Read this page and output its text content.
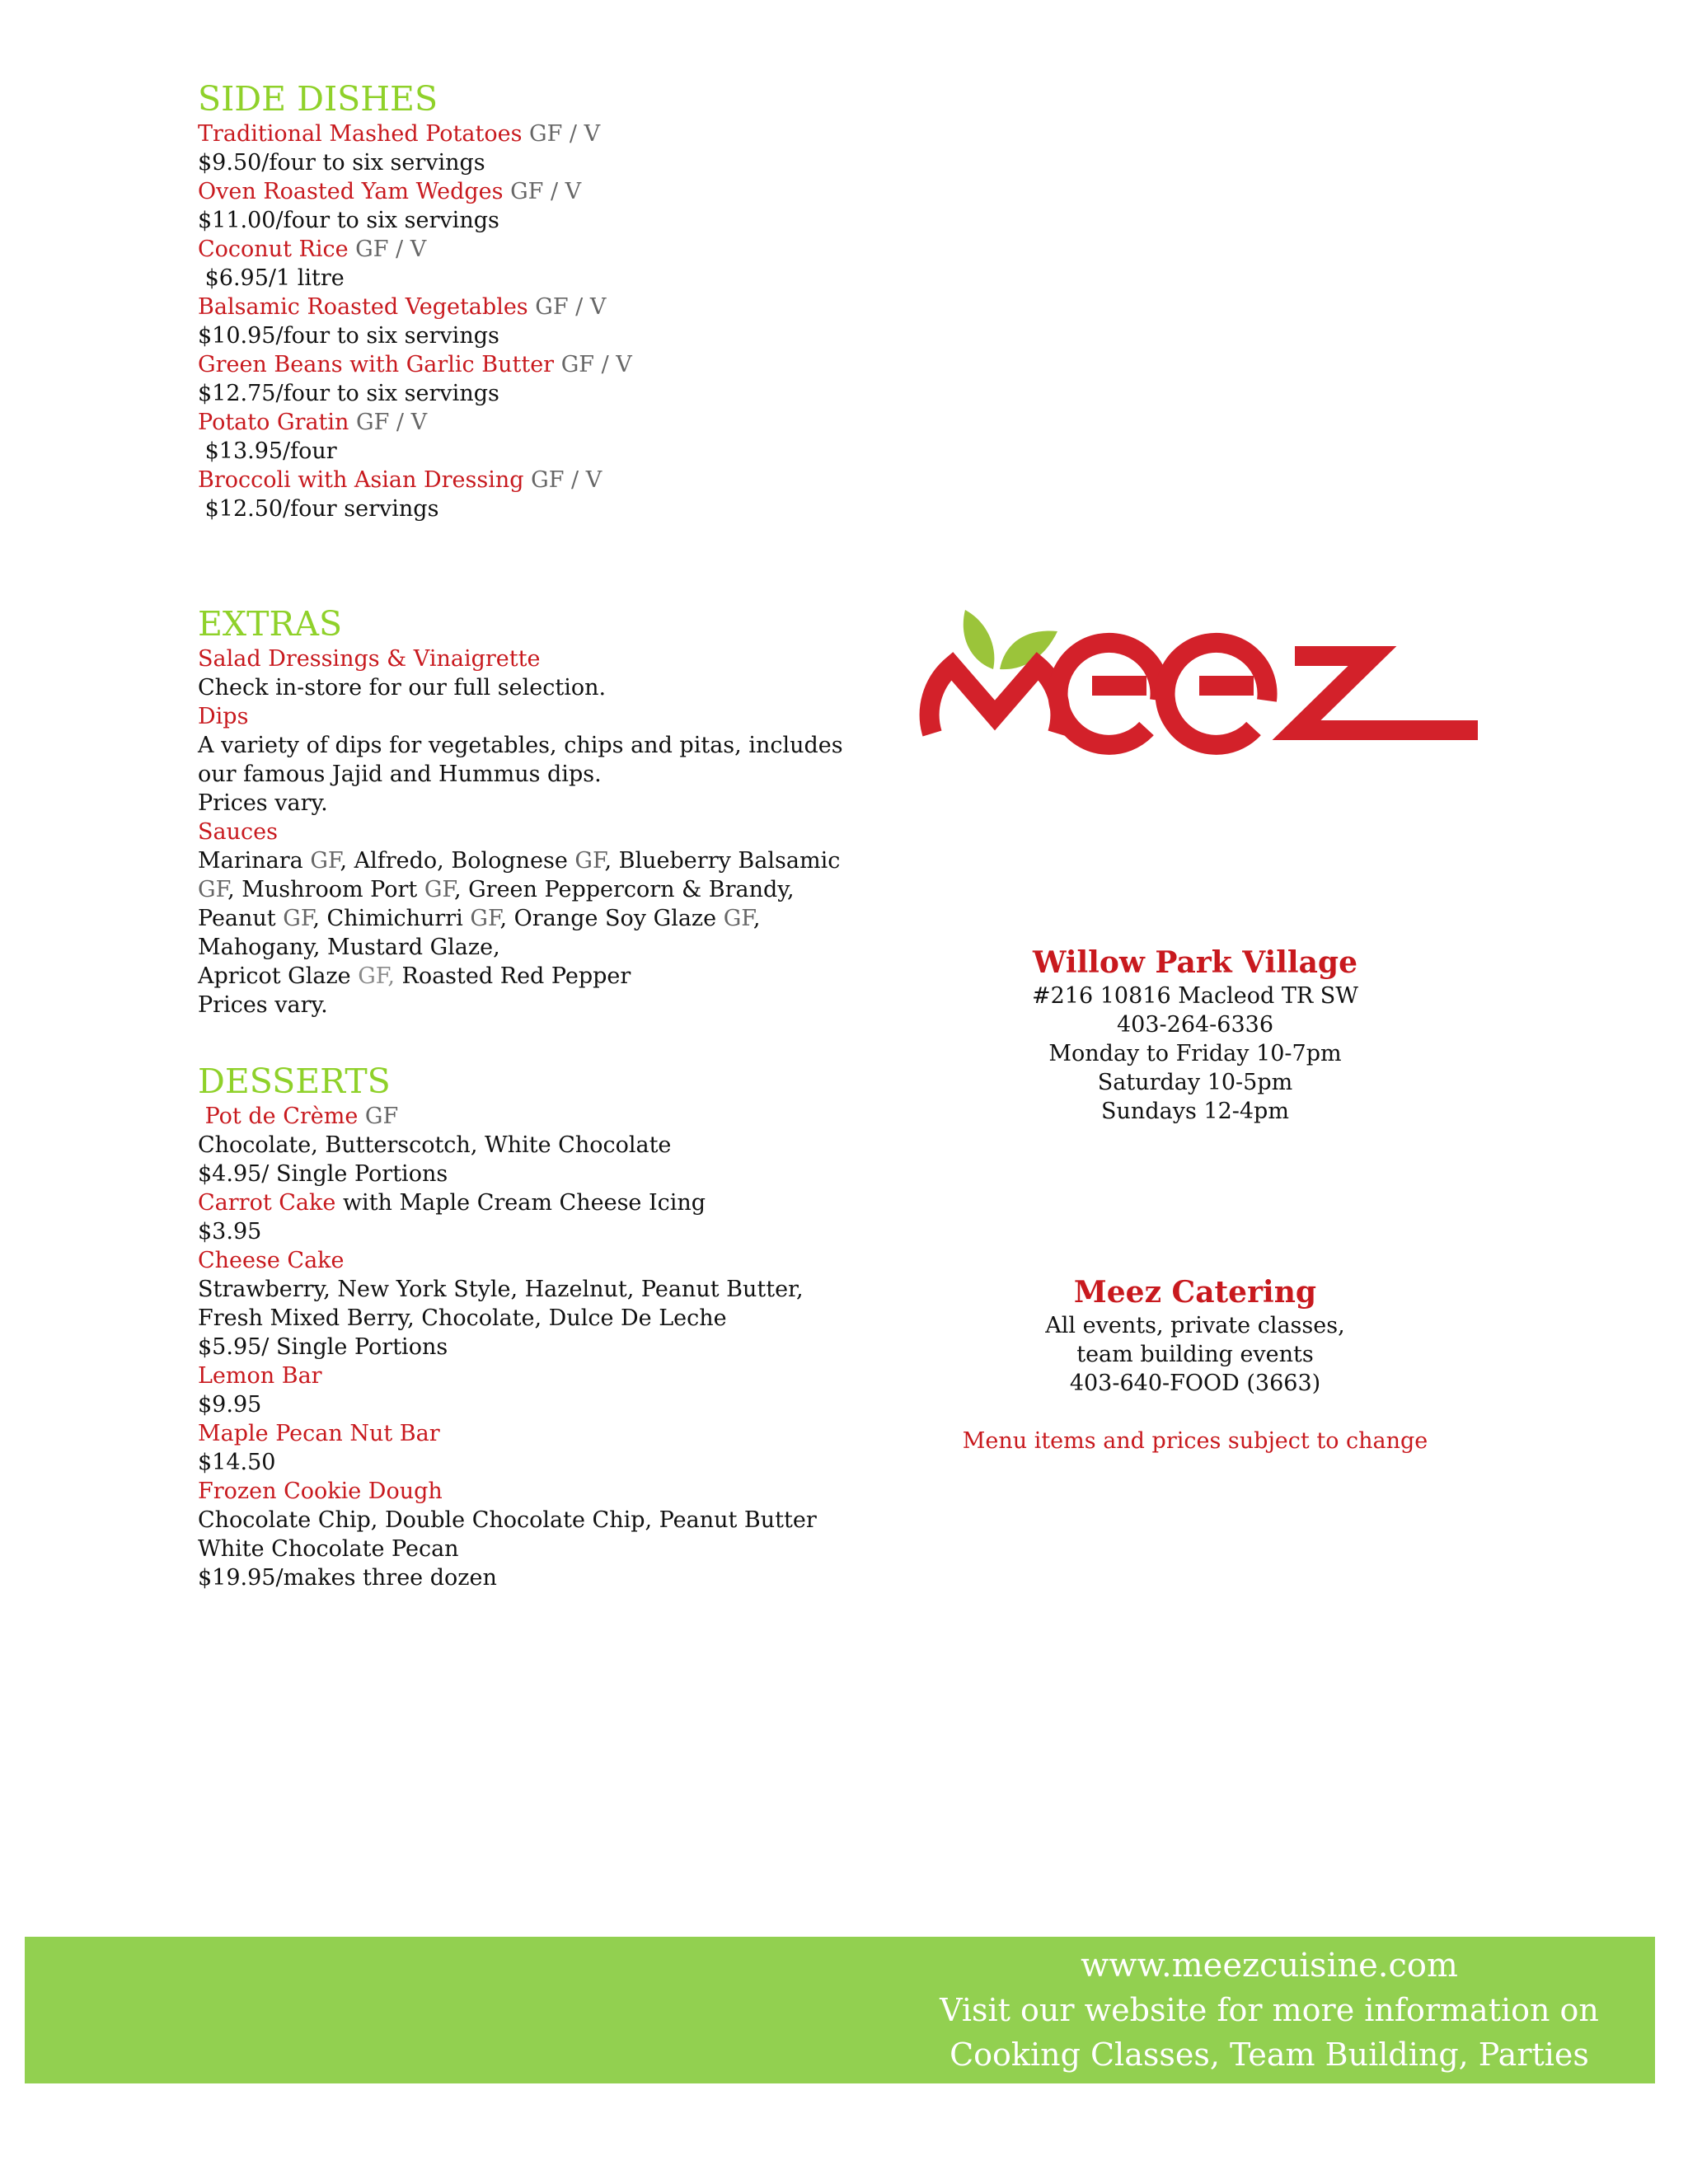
SIDE DISHES
Traditional Mashed Potatoes GF / V
$9.50/four to six servings
Oven Roasted Yam Wedges GF / V
$11.00/four to six servings
Coconut Rice GF / V
$6.95/1 litre
Balsamic Roasted Vegetables GF / V
$10.95/four to six servings
Green Beans with Garlic Butter GF / V
$12.75/four to six servings
Potato Gratin GF / V
$13.95/four
Broccoli with Asian Dressing GF / V
$12.50/four servings
EXTRAS
Salad Dressings & Vinaigrette
Check in-store for our full selection.
Dips
A variety of dips for vegetables, chips and pitas, includes
our famous Jajid and Hummus dips.
Prices vary.
Sauces
Marinara GF, Alfredo, Bolognese GF, Blueberry Balsamic
GF, Mushroom Port GF, Green Peppercorn & Brandy,
Peanut GF, Chimichurri GF, Orange Soy Glaze GF,
Mahogany, Mustard Glaze,
Apricot Glaze GF, Roasted Red Pepper
Prices vary.
DESSERTS
Pot de Crème GF
Chocolate, Butterscotch, White Chocolate
$4.95/ Single Portions
Carrot Cake with Maple Cream Cheese Icing
$3.95
Cheese Cake
Strawberry, New York Style, Hazelnut, Peanut Butter,
Fresh Mixed Berry, Chocolate, Dulce De Leche
$5.95/ Single Portions
Lemon Bar
$9.95
Maple Pecan Nut Bar
$14.50
Frozen Cookie Dough
Chocolate Chip, Double Chocolate Chip, Peanut Butter
White Chocolate Pecan
$19.95/makes three dozen
Willow Park Village
#216 10816 Macleod TR SW
403-264-6336
Monday to Friday 10-7pm
Saturday 10-5pm
Sundays 12-4pm
Meez Catering
All events, private classes,
team building events
403-640-FOOD (3663)
Menu items and prices subject to change
www.meezcuisine.com
Visit our website for more information on
Cooking Classes, Team Building, Parties
